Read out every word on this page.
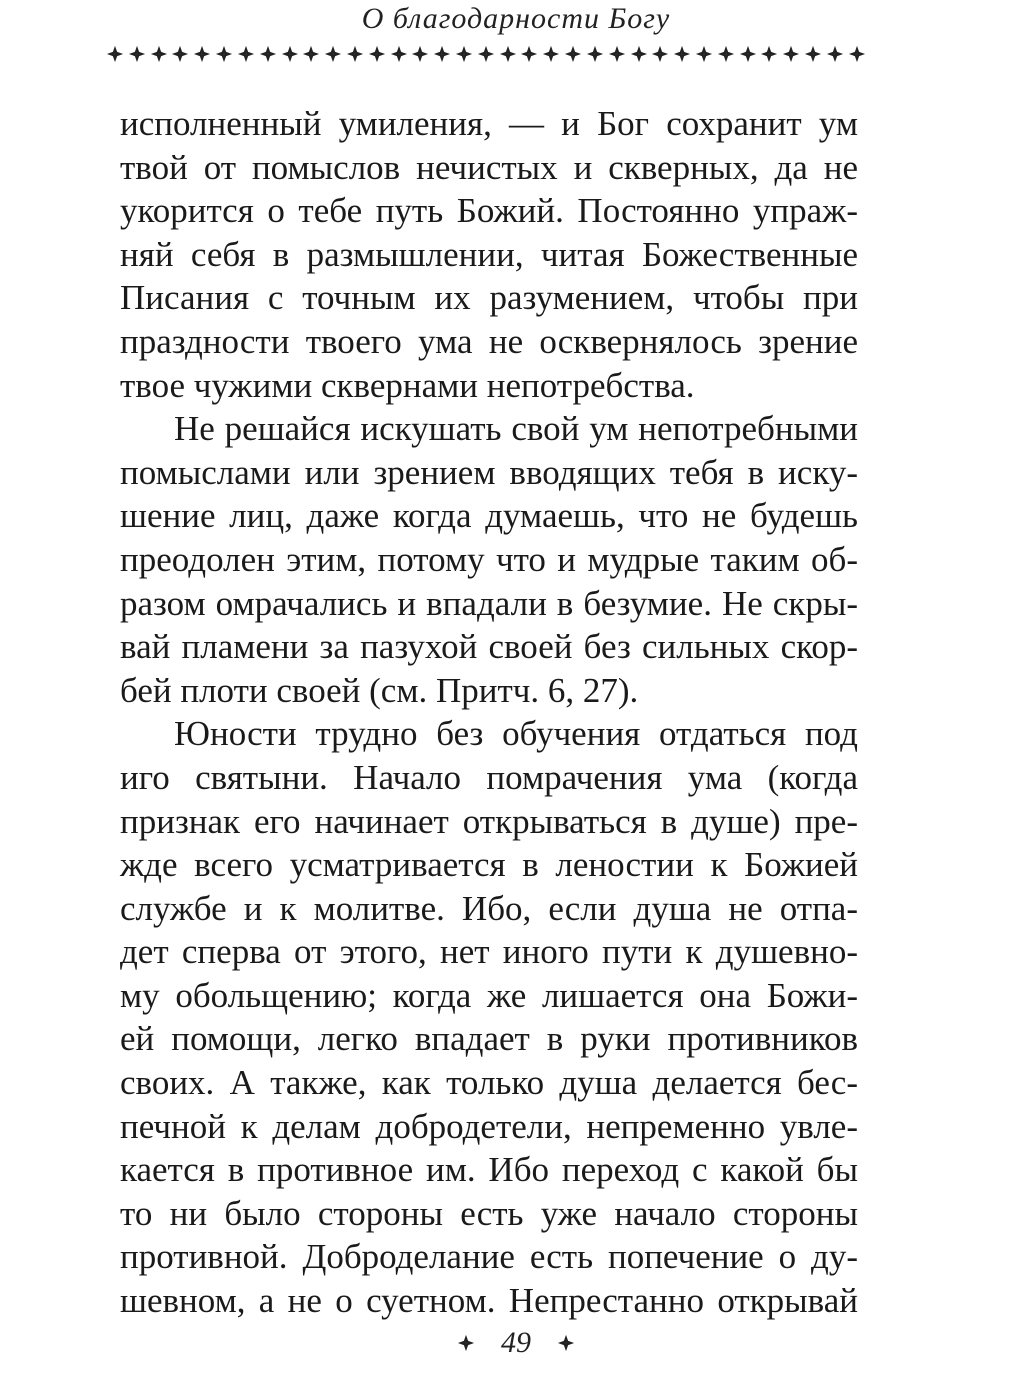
О благодарности Богу
исполненный умиления, — и Бог сохранит ум
твой от помыслов нечистых и скверных, да не
укорится о тебе путь Божий. Постоянно упраж-
няй себя в размышлении, читая Божественные
Писания с точным их разумением, чтобы при
праздности твоего ума не осквернялось зрение
твое чужими сквернами непотребства.
Не решайся искушать свой ум непотребными
помыслами или зрением вводящих тебя в иску-
шение лиц, даже когда думаешь, что не будешь
преодолен этим, потому что и мудрые таким об-
разом омрачались и впадали в безумие. Не скры-
вай пламени за пазухой своей без сильных скор-
бей плоти своей (см. Притч. 6, 27).
Юности трудно без обучения отдаться под
иго святыни. Начало помрачения ума (когда
признак его начинает открываться в душе) пре-
жде всего усматривается в леностии к Божией
службе и к молитве. Ибо, если душа не отпа-
дет сперва от этого, нет иного пути к душевно-
му обольщению; когда же лишается она Божи-
ей помощи, легко впадает в руки противников
своих. А также, как только душа делается бес-
печной к делам добродетели, непременно увле-
кается в противное им. Ибо переход с какой бы
то ни было стороны есть уже начало стороны
противной. Доброделание есть попечение о ду-
шевном, а не о суетном. Непрестанно открывай
49
